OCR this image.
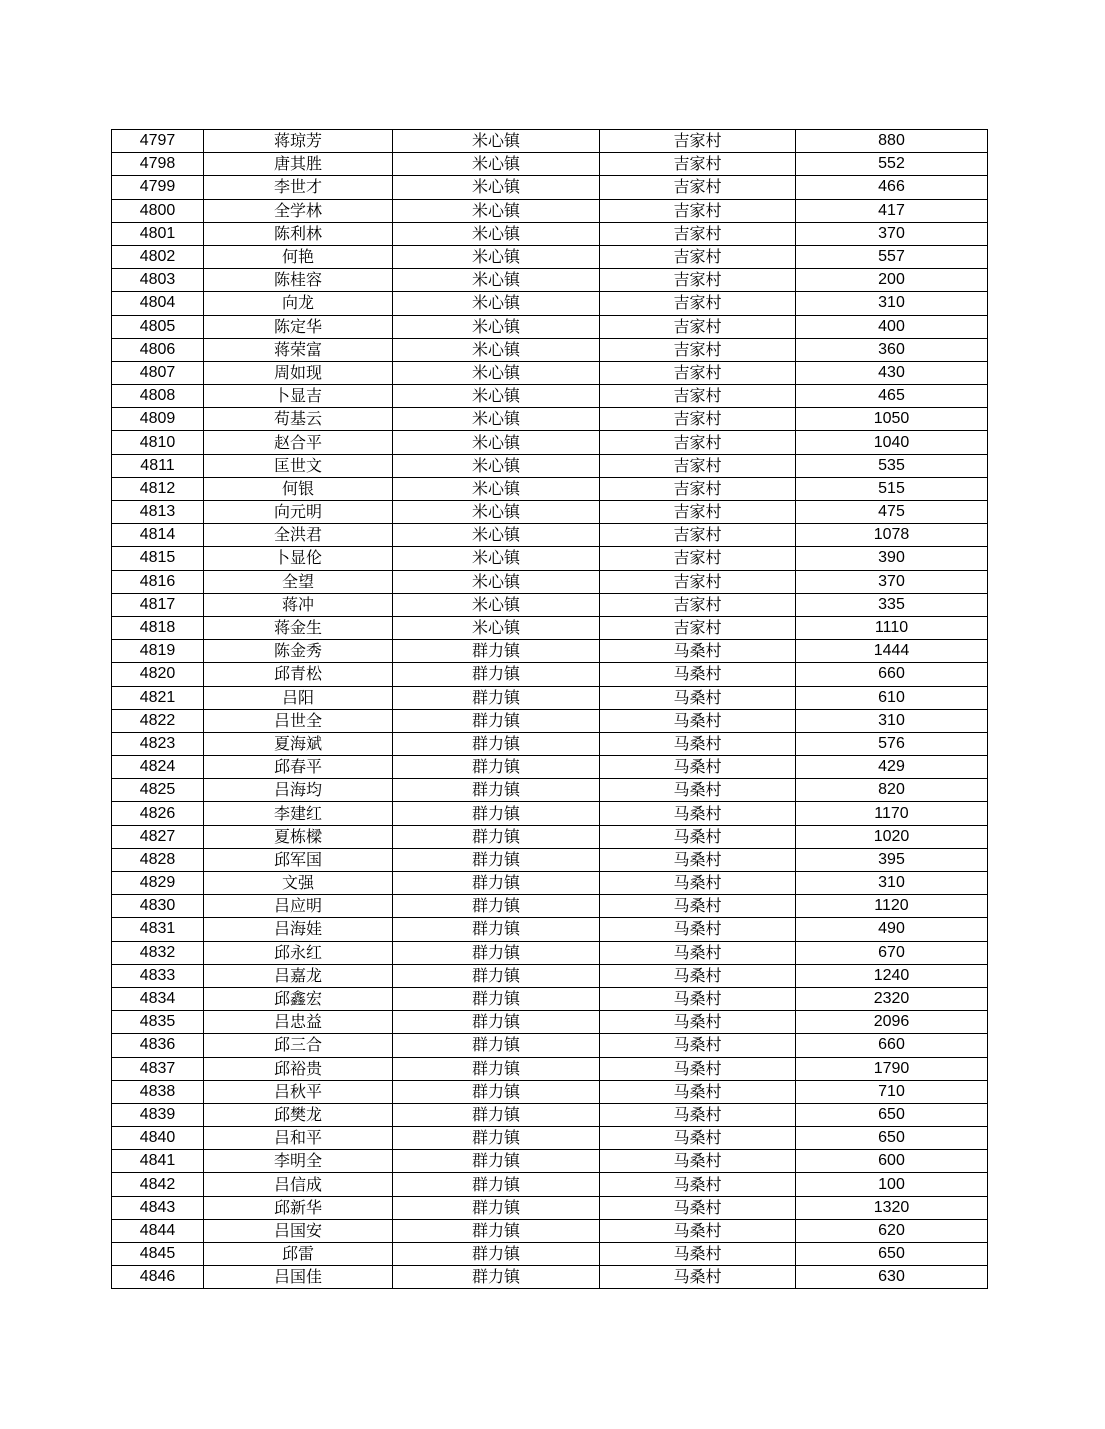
4797	蒋琼芳	米心镇	吉家村	880
4798	唐其胜	米心镇	吉家村	552
4799	李世才	米心镇	吉家村	466
4800	全学林	米心镇	吉家村	417
4801	陈利林	米心镇	吉家村	370
4802	何艳	米心镇	吉家村	557
4803	陈桂容	米心镇	吉家村	200
4804	向龙	米心镇	吉家村	310
4805	陈定华	米心镇	吉家村	400
4806	蒋荣富	米心镇	吉家村	360
4807	周如现	米心镇	吉家村	430
4808	卜显吉	米心镇	吉家村	465
4809	苟基云	米心镇	吉家村	1050
4810	赵合平	米心镇	吉家村	1040
4811	匡世文	米心镇	吉家村	535
4812	何银	米心镇	吉家村	515
4813	向元明	米心镇	吉家村	475
4814	全洪君	米心镇	吉家村	1078
4815	卜显伦	米心镇	吉家村	390
4816	全望	米心镇	吉家村	370
4817	蒋冲	米心镇	吉家村	335
4818	蒋金生	米心镇	吉家村	1110
4819	陈金秀	群力镇	马桑村	1444
4820	邱青松	群力镇	马桑村	660
4821	吕阳	群力镇	马桑村	610
4822	吕世全	群力镇	马桑村	310
4823	夏海斌	群力镇	马桑村	576
4824	邱春平	群力镇	马桑村	429
4825	吕海均	群力镇	马桑村	820
4826	李建红	群力镇	马桑村	1170
4827	夏栋樑	群力镇	马桑村	1020
4828	邱军国	群力镇	马桑村	395
4829	文强	群力镇	马桑村	310
4830	吕应明	群力镇	马桑村	1120
4831	吕海娃	群力镇	马桑村	490
4832	邱永红	群力镇	马桑村	670
4833	吕嘉龙	群力镇	马桑村	1240
4834	邱鑫宏	群力镇	马桑村	2320
4835	吕忠益	群力镇	马桑村	2096
4836	邱三合	群力镇	马桑村	660
4837	邱裕贵	群力镇	马桑村	1790
4838	吕秋平	群力镇	马桑村	710
4839	邱樊龙	群力镇	马桑村	650
4840	吕和平	群力镇	马桑村	650
4841	李明全	群力镇	马桑村	600
4842	吕信成	群力镇	马桑村	100
4843	邱新华	群力镇	马桑村	1320
4844	吕国安	群力镇	马桑村	620
4845	邱雷	群力镇	马桑村	650
4846	吕国佳	群力镇	马桑村	630
